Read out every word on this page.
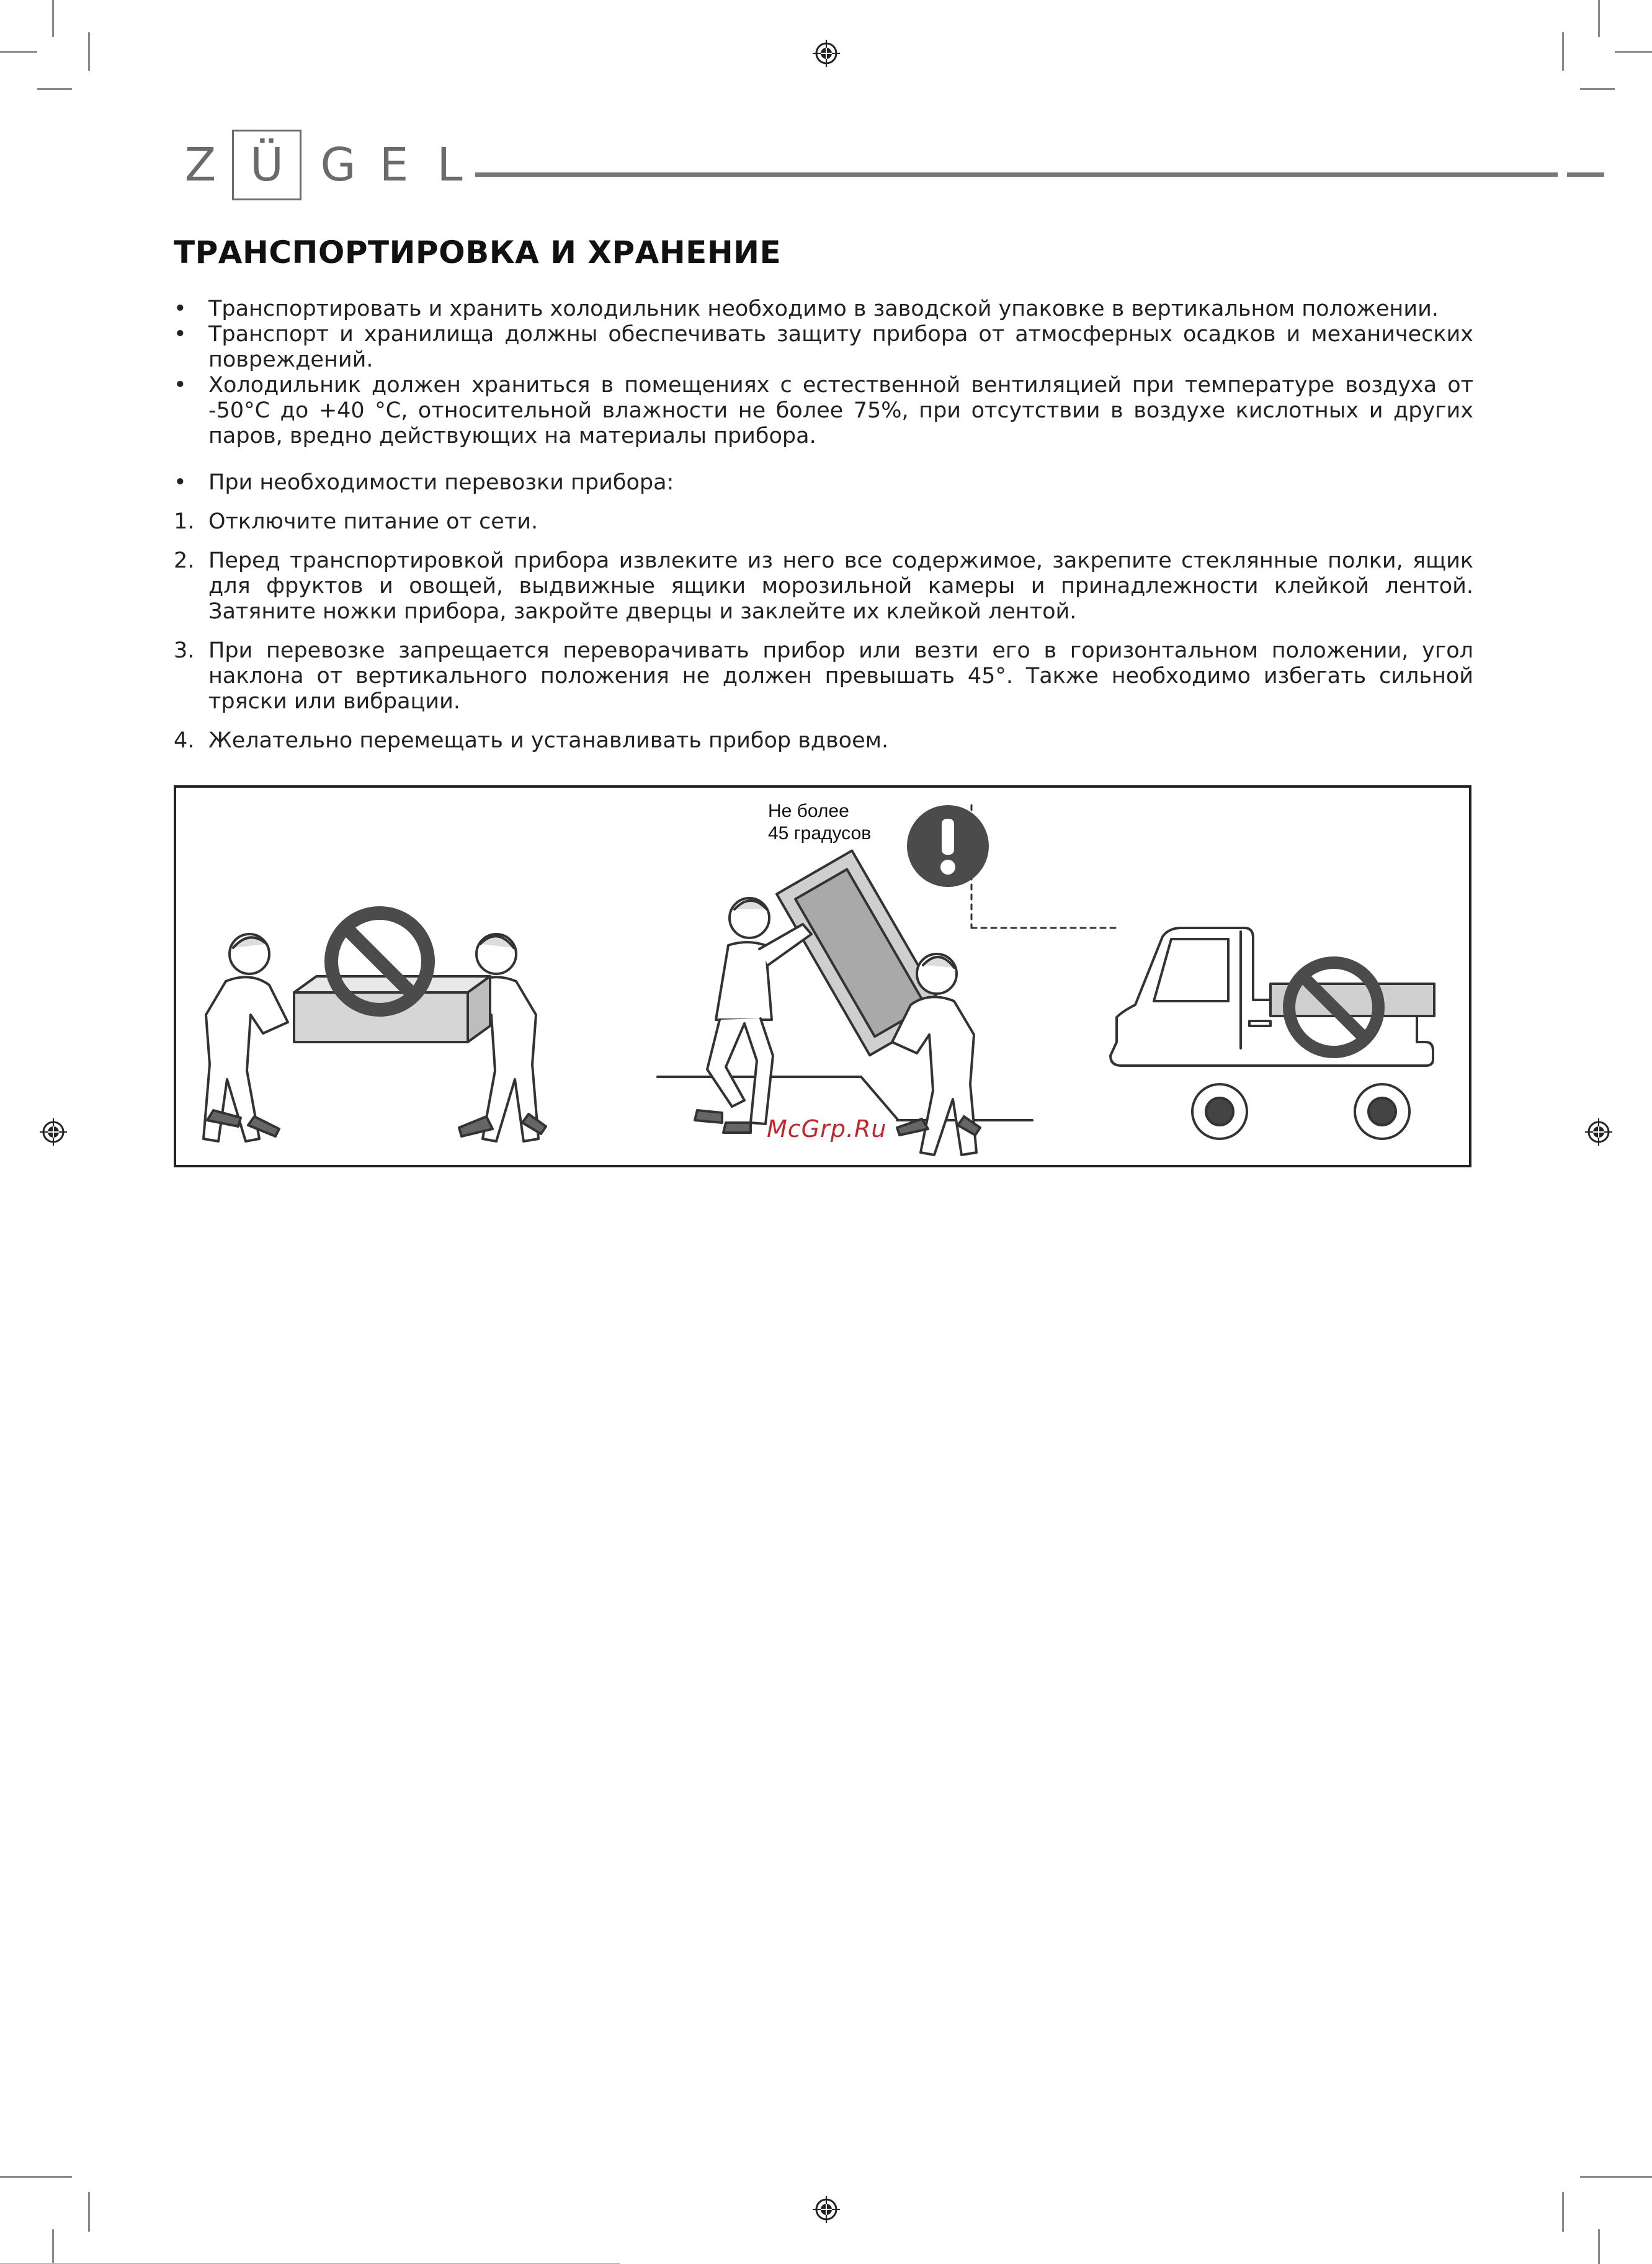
Z Ü G E L
ТРАНСПОРТИРОВКА И ХРАНЕНИЕ
• Транспортировать и хранить холодильник необходимо в заводской упаковке в вертикальном положении.
• Транспорт и хранилища должны обеспечивать защиту прибора от атмосферных осадков и механических повреждений.
• Холодильник должен храниться в помещениях с естественной вентиляцией при температуре воздуха от -50°С до +40 °С, относительной влажности не более 75%, при отсутствии в воздухе кислотных и других паров, вредно действующих на материалы прибора.
• При необходимости перевозки прибора:
1. Отключите питание от сети.
2. Перед транспортировкой прибора извлеките из него все содержимое, закрепите стеклянные полки, ящик для фруктов и овощей, выдвижные ящики морозильной камеры и принадлежности клейкой лентой. Затяните ножки прибора, закройте дверцы и заклейте их клейкой лентой.
3. При перевозке запрещается переворачивать прибор или везти его в горизонтальном положении, угол наклона от вертикального положения не должен превышать 45°. Также необходимо избегать сильной тряски или вибрации.
4. Желательно перемещать и устанавливать прибор вдвоем.
Не более
45 градусов
McGrp.Ru
